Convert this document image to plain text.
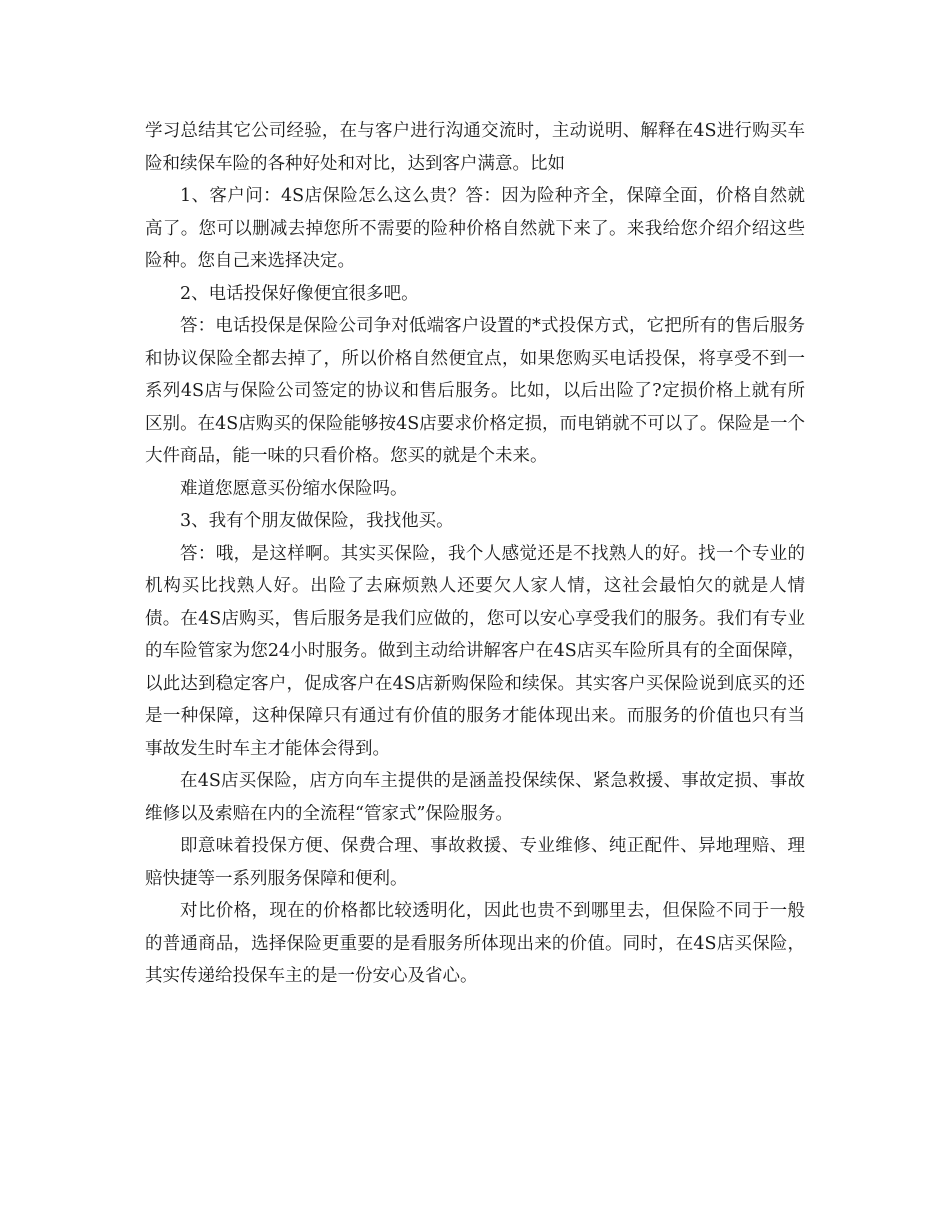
学习总结其它公司经验，在与客户进行沟通交流时，主动说明、解释在4S进行购买车险和续保车险的各种好处和对比，达到客户满意。比如

1、客户问：4S店保险怎么这么贵？答：因为险种齐全，保障全面，价格自然就高了。您可以删减去掉您所不需要的险种价格自然就下来了。来我给您介绍介绍这些险种。您自己来选择决定。

2、电话投保好像便宜很多吧。

答：电话投保是保险公司争对低端客户设置的*式投保方式，它把所有的售后服务和协议保险全都去掉了，所以价格自然便宜点，如果您购买电话投保，将享受不到一系列4S店与保险公司签定的协议和售后服务。比如，以后出险了?定损价格上就有所区别。在4S店购买的保险能够按4S店要求价格定损，而电销就不可以了。保险是一个大件商品，能一味的只看价格。您买的就是个未来。

难道您愿意买份缩水保险吗。

3、我有个朋友做保险，我找他买。

答：哦，是这样啊。其实买保险，我个人感觉还是不找熟人的好。找一个专业的机构买比找熟人好。出险了去麻烦熟人还要欠人家人情，这社会最怕欠的就是人情债。在4S店购买，售后服务是我们应做的，您可以安心享受我们的服务。我们有专业的车险管家为您24小时服务。做到主动给讲解客户在4S店买车险所具有的全面保障，以此达到稳定客户，促成客户在4S店新购保险和续保。其实客户买保险说到底买的还是一种保障，这种保障只有通过有价值的服务才能体现出来。而服务的价值也只有当事故发生时车主才能体会得到。

在4S店买保险，店方向车主提供的是涵盖投保续保、紧急救援、事故定损、事故维修以及索赔在内的全流程“管家式”保险服务。

即意味着投保方便、保费合理、事故救援、专业维修、纯正配件、异地理赔、理赔快捷等一系列服务保障和便利。

对比价格，现在的价格都比较透明化，因此也贵不到哪里去，但保险不同于一般的普通商品，选择保险更重要的是看服务所体现出来的价值。同时，在4S店买保险，其实传递给投保车主的是一份安心及省心。
